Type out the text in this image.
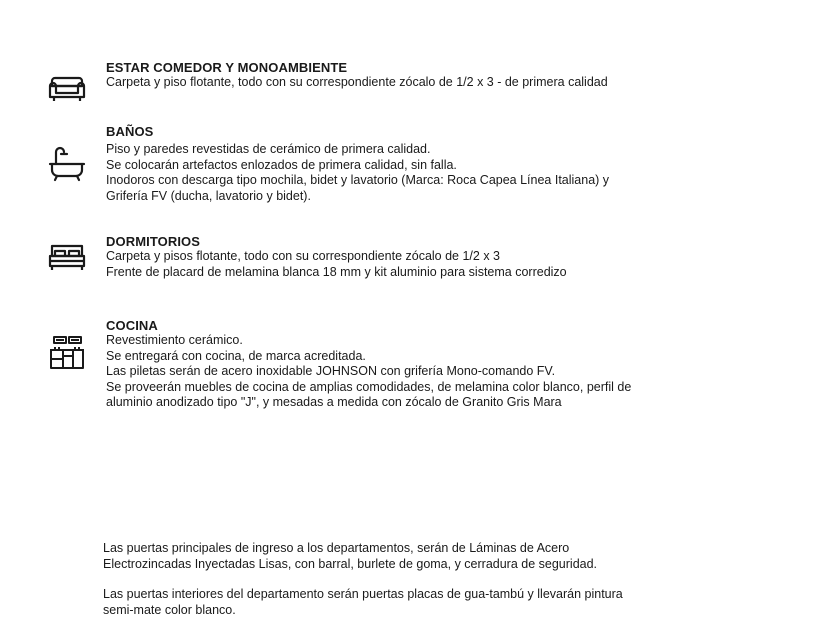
ESTAR COMEDOR Y MONOAMBIENTE
Carpeta y piso flotante, todo con su correspondiente zócalo de 1/2 x 3 - de primera calidad
BAÑOS
Piso y paredes revestidas de cerámico de primera calidad.
Se colocarán artefactos enlozados de primera calidad, sin falla.
Inodoros con descarga tipo mochila, bidet y lavatorio (Marca: Roca Capea Línea Italiana) y
Grifería FV (ducha, lavatorio y bidet).
DORMITORIOS
Carpeta y pisos flotante, todo con su correspondiente zócalo de 1/2 x 3
Frente de placard de melamina blanca 18 mm y kit aluminio para sistema corredizo
COCINA
Revestimiento cerámico.
Se entregará con cocina, de marca acreditada.
Las piletas serán de acero inoxidable JOHNSON con grifería Mono-comando FV.
Se proveerán muebles de cocina de amplias comodidades, de melamina color blanco, perfil de
aluminio anodizado tipo "J", y mesadas a medida con zócalo de Granito Gris Mara
Las puertas principales de ingreso a los departamentos, serán de Láminas de Acero
Electrozincadas Inyectadas Lisas, con barral, burlete de goma, y cerradura de seguridad.
Las puertas interiores del departamento serán puertas placas de gua-tambú y llevarán pintura
semi-mate color blanco.
